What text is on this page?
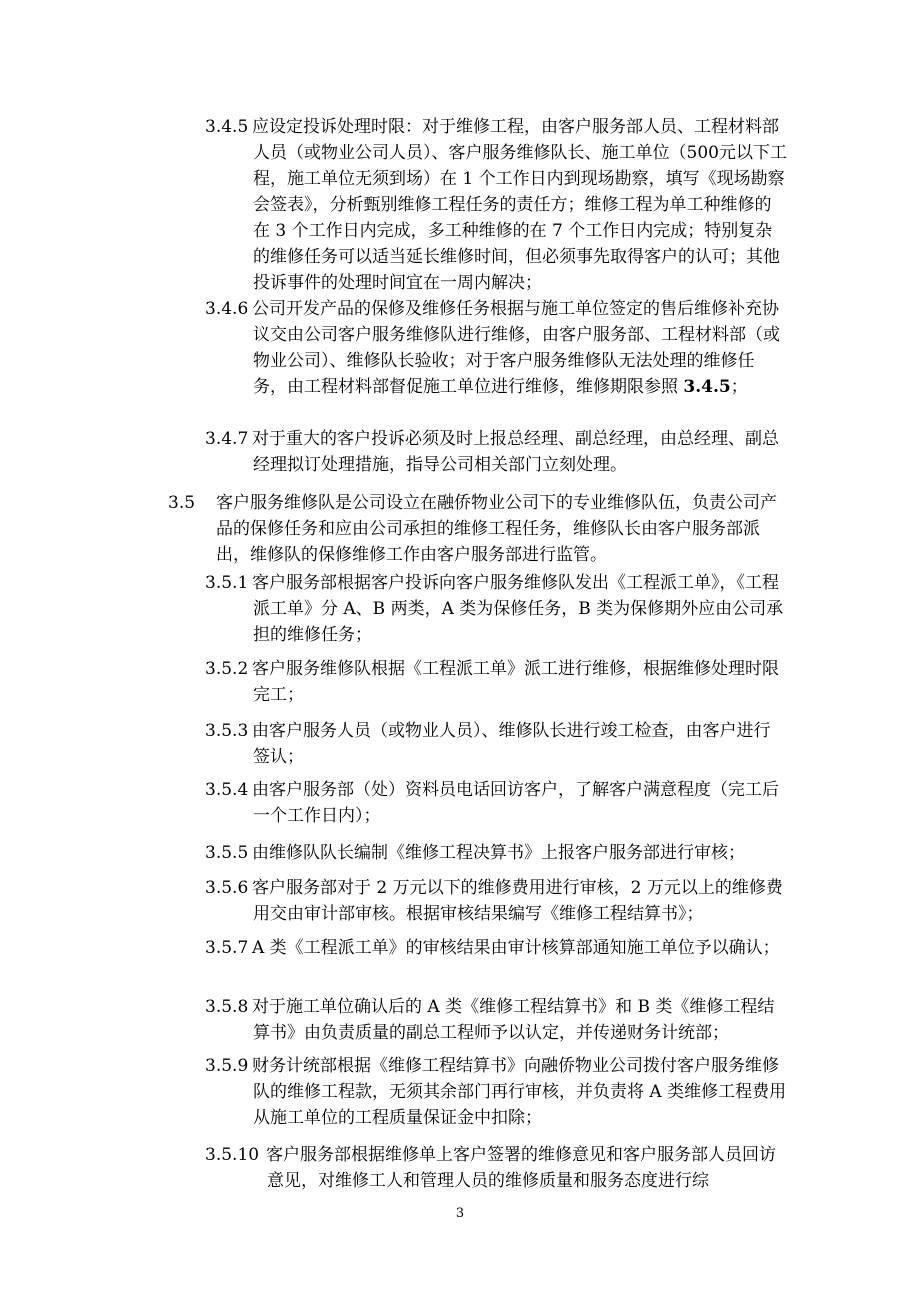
3.4.5 应设定投诉处理时限：对于维修工程，由客户服务部人员、工程材料部人员（或物业公司人员）、客户服务维修队长、施工单位（500元以下工程，施工单位无须到场）在 1 个工作日内到现场勘察，填写《现场勘察会签表》，分析甄别维修工程任务的责任方；维修工程为单工种维修的在 3 个工作日内完成，多工种维修的在 7 个工作日内完成；特别复杂的维修任务可以适当延长维修时间，但必须事先取得客户的认可；其他投诉事件的处理时间宜在一周内解决；
3.4.6 公司开发产品的保修及维修任务根据与施工单位签定的售后维修补充协议交由公司客户服务维修队进行维修，由客户服务部、工程材料部（或物业公司）、维修队长验收；对于客户服务维修队无法处理的维修任务，由工程材料部督促施工单位进行维修，维修期限参照 3.4.5；
3.4.7 对于重大的客户投诉必须及时上报总经理、副总经理，由总经理、副总经理拟订处理措施，指导公司相关部门立刻处理。
3.5	客户服务维修队是公司设立在融侨物业公司下的专业维修队伍，负责公司产品的保修任务和应由公司承担的维修工程任务，维修队长由客户服务部派出，维修队的保修维修工作由客户服务部进行监管。
3.5.1 客户服务部根据客户投诉向客户服务维修队发出《工程派工单》，《工程派工单》分 A、B 两类，A 类为保修任务，B 类为保修期外应由公司承担的维修任务；
3.5.2 客户服务维修队根据《工程派工单》派工进行维修，根据维修处理时限完工；
3.5.3 由客户服务人员（或物业人员）、维修队长进行竣工检查，由客户进行签认；
3.5.4 由客户服务部（处）资料员电话回访客户，了解客户满意程度（完工后一个工作日内）；
3.5.5 由维修队队长编制《维修工程决算书》上报客户服务部进行审核；
3.5.6 客户服务部对于 2 万元以下的维修费用进行审核，2 万元以上的维修费用交由审计部审核。根据审核结果编写《维修工程结算书》；
3.5.7 A 类《工程派工单》的审核结果由审计核算部通知施工单位予以确认；
3.5.8 对于施工单位确认后的 A 类《维修工程结算书》和 B 类《维修工程结算书》由负责质量的副总工程师予以认定，并传递财务计统部；
3.5.9 财务计统部根据《维修工程结算书》向融侨物业公司拨付客户服务维修队的维修工程款，无须其余部门再行审核，并负责将 A 类维修工程费用从施工单位的工程质量保证金中扣除；
3.5.10 客户服务部根据维修单上客户签署的维修意见和客户服务部人员回访意见，对维修工人和管理人员的维修质量和服务态度进行综
3
